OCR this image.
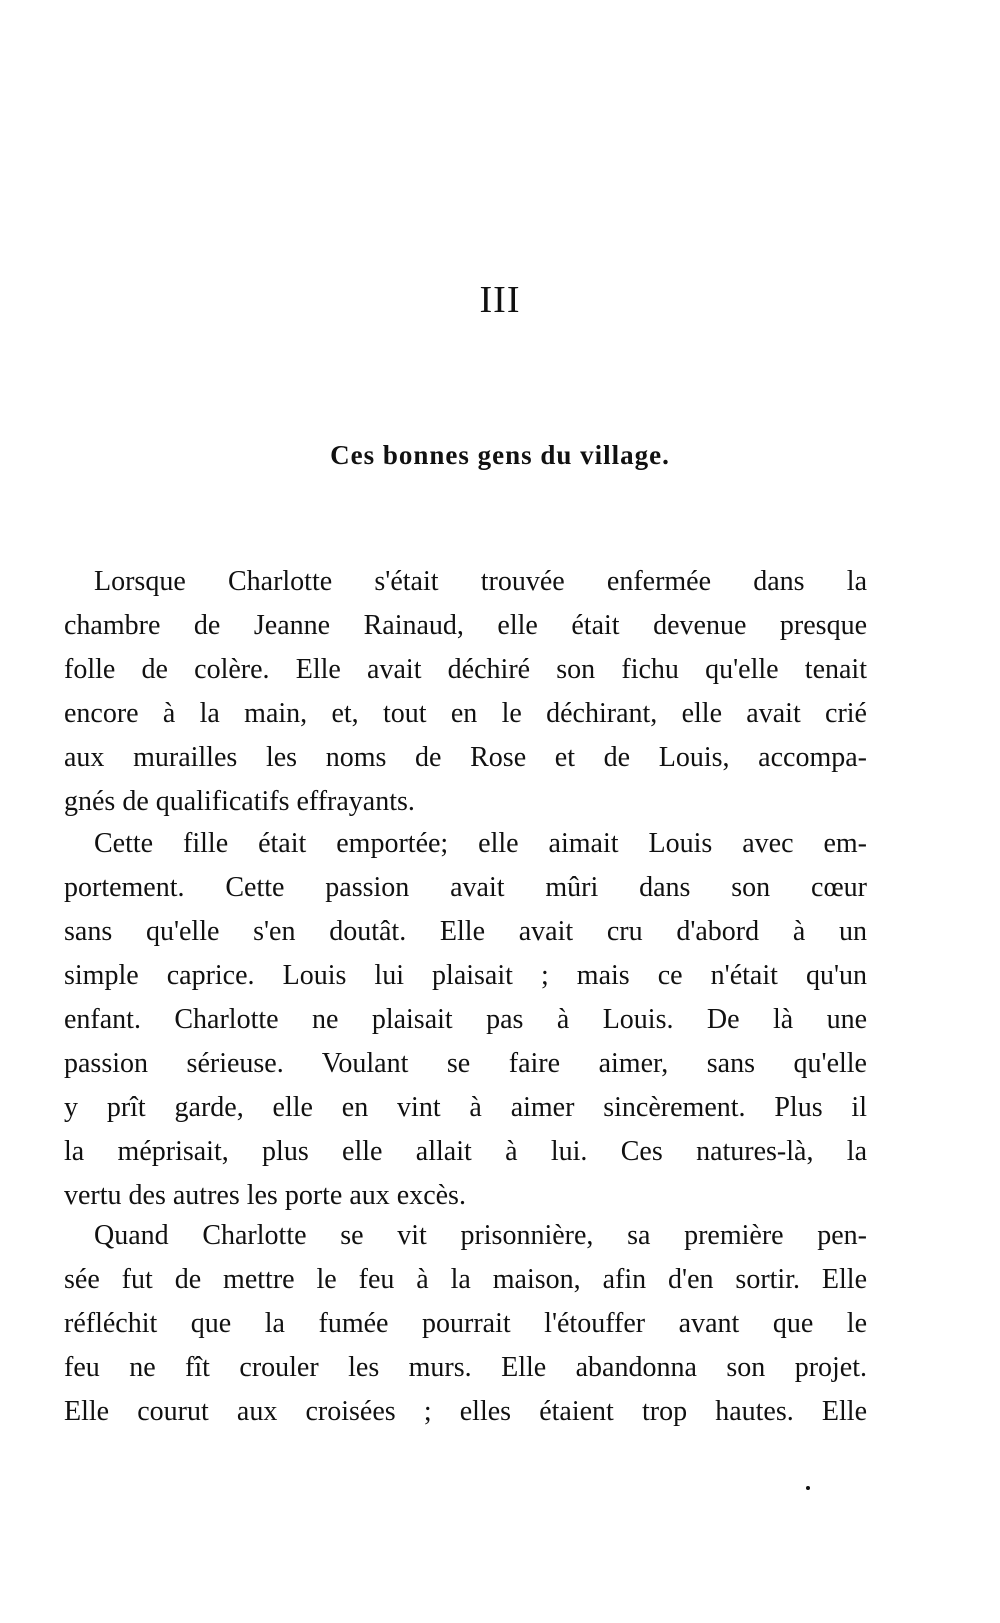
III
Ces bonnes gens du village.
Lorsque Charlotte s'était trouvée enfermée dans la
chambre de Jeanne Rainaud, elle était devenue presque
folle de colère. Elle avait déchiré son fichu qu'elle tenait
encore à la main, et, tout en le déchirant, elle avait crié
aux murailles les noms de Rose et de Louis, accompa-
gnés de qualificatifs effrayants.
Cette fille était emportée; elle aimait Louis avec em-
portement. Cette passion avait mûri dans son cœur
sans qu'elle s'en doutât. Elle avait cru d'abord à un
simple caprice. Louis lui plaisait ; mais ce n'était qu'un
enfant. Charlotte ne plaisait pas à Louis. De là une
passion sérieuse. Voulant se faire aimer, sans qu'elle
y prît garde, elle en vint à aimer sincèrement. Plus il
la méprisait, plus elle allait à lui. Ces natures-là, la
vertu des autres les porte aux excès.
Quand Charlotte se vit prisonnière, sa première pen-
sée fut de mettre le feu à la maison, afin d'en sortir. Elle
réfléchit que la fumée pourrait l'étouffer avant que le
feu ne fît crouler les murs. Elle abandonna son projet.
Elle courut aux croisées ; elles étaient trop hautes. Elle
